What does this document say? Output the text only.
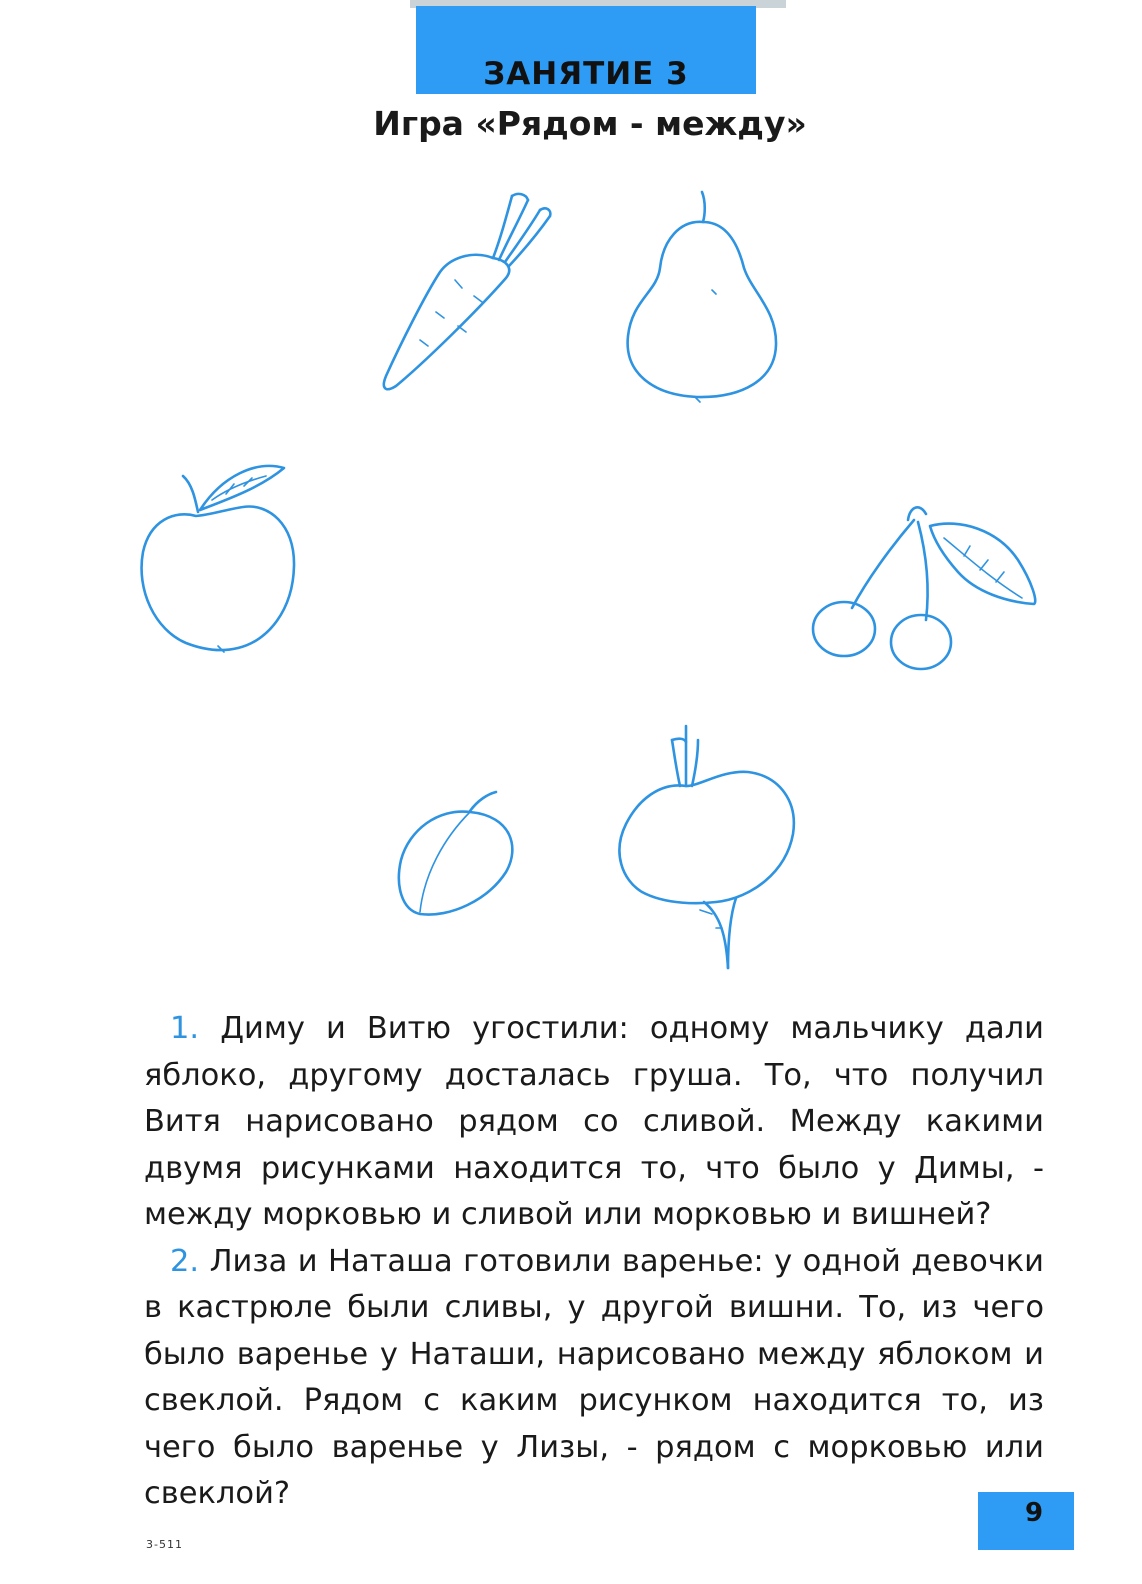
ЗАНЯТИЕ 3
Игра «Рядом - между»

1. Диму и Витю угостили: одному мальчику дали яблоко, другому досталась груша. То, что получил Витя нарисовано рядом со сливой. Между какими двумя рисунками находится то, что было у Димы, - между морковью и сливой или морковью и вишней?

2. Лиза и Наташа готовили варенье: у одной девочки в кастрюле были сливы, у другой вишни. То, из чего было варенье у Наташи, нарисовано между яблоком и свеклой. Рядом с каким рисунком находится то, из чего было варенье у Лизы, - рядом с морковью или свеклой?

3-511
9
